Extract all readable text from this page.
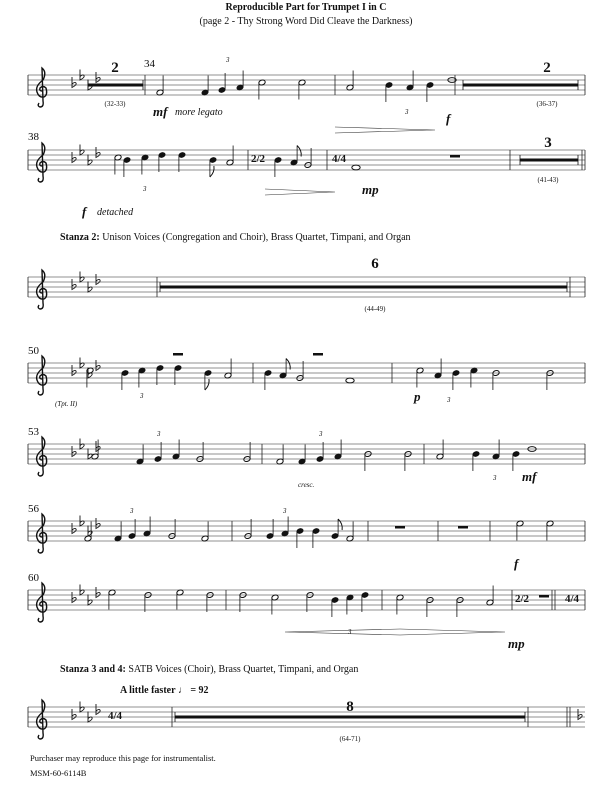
Reproducible Part for Trumpet I in C
(page 2 - Thy Strong Word Did Cleave the Darkness)
34
2
(32-33)
2
(36-37)
mf more legato	f
3
3
38
2/2	4/4
3
3
(41-43)
f detached
mp
Stanza 2: Unison Voices (Congregation and Choir), Brass Quartet, Timpani, and Organ
6
(44-49)
50
(Tpt. II)
3	3
p
53	3	3
3
cresc.
mf
56	3	3
f
60
2/2	4/4
3
mp
Stanza 3 and 4: SATB Voices (Choir), Brass Quartet, Timpani, and Organ
A little faster ♩ = 92
4/4
8
(64-71)
Purchaser may reproduce this page for instrumentalist.
MSM-60-6114B
